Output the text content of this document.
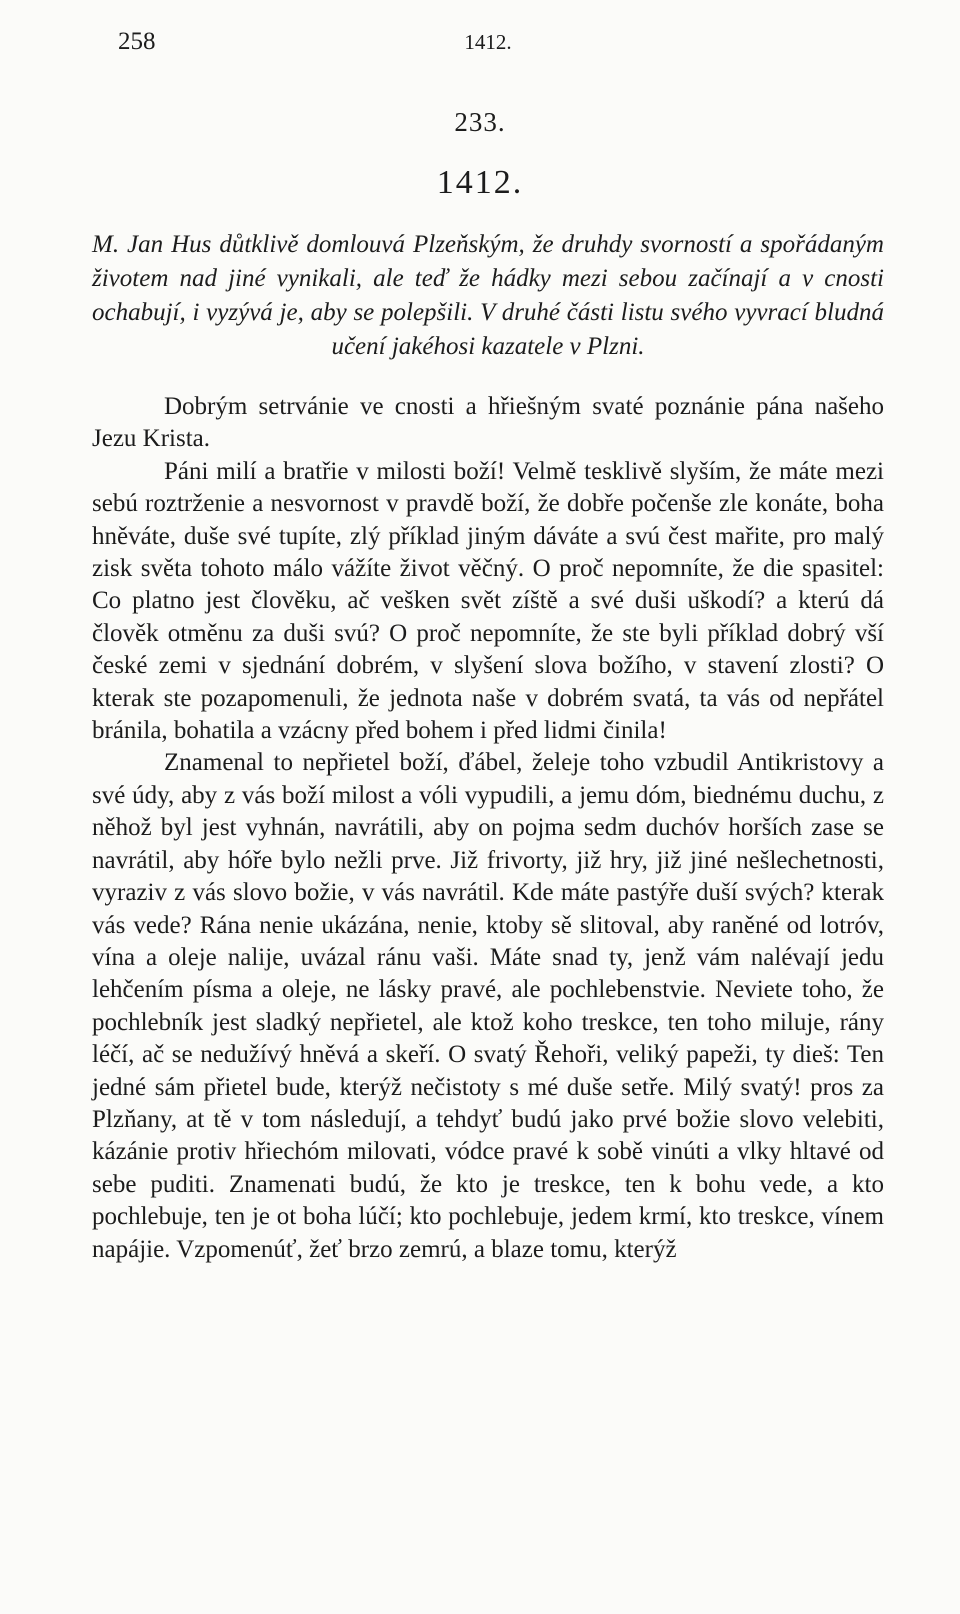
258	1412.
233.
1412.
M. Jan Hus důtklivě domlouvá Plzeňským, že druhdy svorností a spořádaným životem nad jiné vynikali, ale teď že hádky mezi sebou začínají a v cnosti ochabují, i vyzývá je, aby se polepšili. V druhé části listu svého vyvrací bludná učení jakéhosi kazatele v Plzni.

Dobrým setrvánie ve cnosti a hřiešným svaté poznánie pána našeho Jezu Krista.

Páni milí a bratřie v milosti boží! Velmě tesklivě slyším, že máte mezi sebú roztrženie a nesvornost v pravdě boží, že dobře počenše zle konáte, boha hněváte, duše své tupíte, zlý příklad jiným dáváte a svú čest mařite, pro malý zisk světa tohoto málo vážíte život věčný. O proč nepomníte, že die spasitel: Co platno jest člověku, ač vešken svět zíště a své duši uškodí? a kterú dá člověk otměnu za duši svú? O proč nepomníte, že ste byli příklad dobrý vší české zemi v sjednání dobrém, v slyšení slova božího, v stavení zlosti? O kterak ste pozapomenuli, že jednota naše v dobrém svatá, ta vás od nepřátel bránila, bohatila a vzácny před bohem i před lidmi činila!

Znamenal to nepřietel boží, ďábel, želeje toho vzbudil Antikristovy a své údy, aby z vás boží milost a vóli vypudili, a jemu dóm, biednému duchu, z něhož byl jest vyhnán, navrátili, aby on pojma sedm duchóv horších zase se navrátil, aby hóře bylo nežli prve. Již frivorty, již hry, již jiné nešlechetnosti, vyraziv z vás slovo božie, v vás navrátil. Kde máte pastýře duší svých? kterak vás vede? Rána nenie ukázána, nenie, ktoby sě slitoval, aby raněné od lotróv, vína a oleje nalije, uvázal ránu vaši. Máte snad ty, jenž vám nalévají jedu lehčením písma a oleje, ne lásky pravé, ale pochlebenstvie. Neviete toho, že pochlebník jest sladký nepřietel, ale ktož koho treskce, ten toho miluje, rány léčí, ač se nedužívý hněvá a skeří. O svatý Řehoři, veliký papeži, ty dieš: Ten jedné sám přietel bude, kterýž nečistoty s mé duše setře. Milý svatý! pros za Plzňany, at tě v tom následují, a tehdyť budú jako prvé božie slovo velebiti, kázánie protiv hřiechóm milovati, vódce pravé k sobě vinúti a vlky hltavé od sebe puditi. Znamenati budú, že kto je treskce, ten k bohu vede, a kto pochlebuje, ten je ot boha lúčí; kto pochlebuje, jedem krmí, kto treskce, vínem napájie. Vzpomenúť, žeť brzo zemrú, a blaze tomu, kterýž
